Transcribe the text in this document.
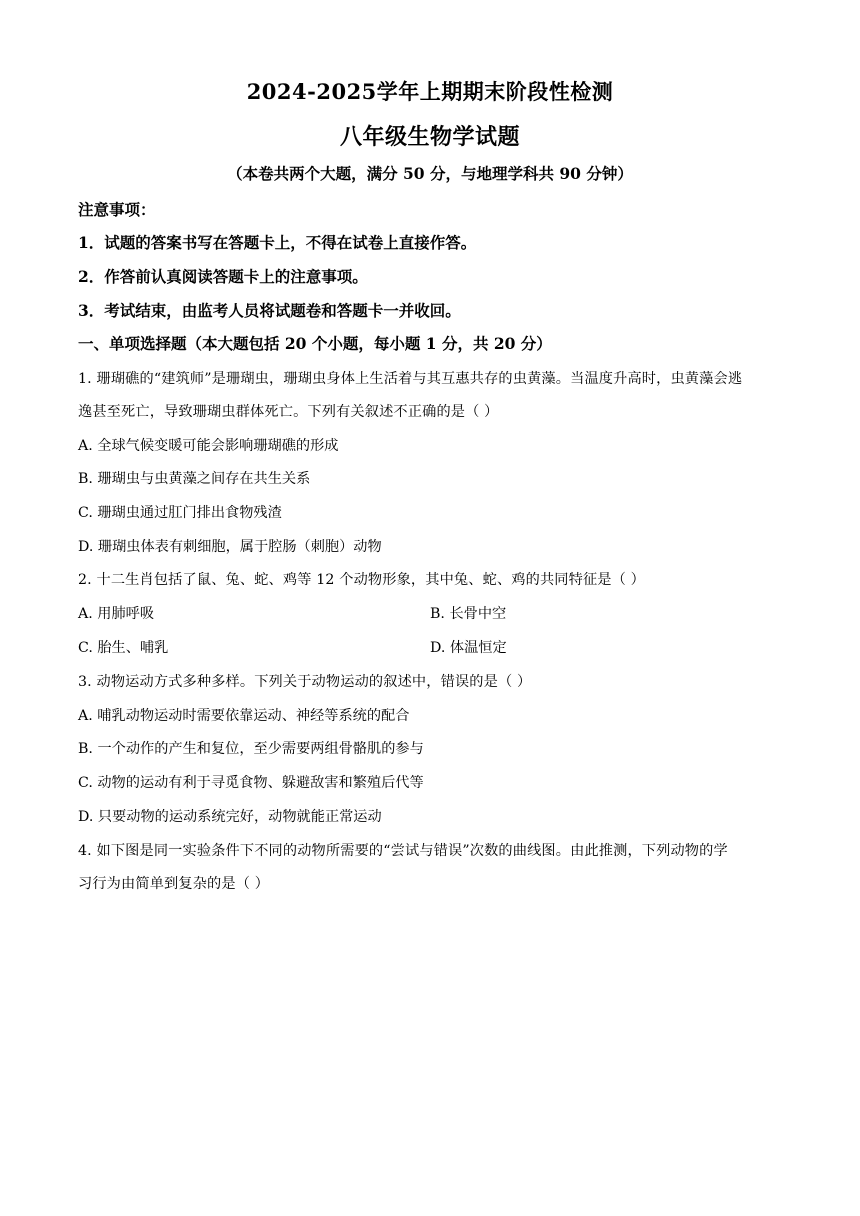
2024-2025学年上期期末阶段性检测
八年级生物学试题
（本卷共两个大题，满分 50 分，与地理学科共 90 分钟）
注意事项：
1．试题的答案书写在答题卡上，不得在试卷上直接作答。
2．作答前认真阅读答题卡上的注意事项。
3．考试结束，由监考人员将试题卷和答题卡一并收回。
一、单项选择题（本大题包括 20 个小题，每小题 1 分，共 20 分）
1. 珊瑚礁的“建筑师”是珊瑚虫，珊瑚虫身体上生活着与其互惠共存的虫黄藻。当温度升高时，虫黄藻会逃
逸甚至死亡，导致珊瑚虫群体死亡。下列有关叙述不正确的是（ ）
A. 全球气候变暖可能会影响珊瑚礁的形成
B. 珊瑚虫与虫黄藻之间存在共生关系
C. 珊瑚虫通过肛门排出食物残渣
D. 珊瑚虫体表有刺细胞，属于腔肠（刺胞）动物
2. 十二生肖包括了鼠、兔、蛇、鸡等 12 个动物形象，其中兔、蛇、鸡的共同特征是（ ）
A. 用肺呼吸	B. 长骨中空
C. 胎生、哺乳	D. 体温恒定
3. 动物运动方式多种多样。下列关于动物运动的叙述中，错误的是（ ）
A. 哺乳动物运动时需要依靠运动、神经等系统的配合
B. 一个动作的产生和复位，至少需要两组骨骼肌的参与
C. 动物的运动有利于寻觅食物、躲避敌害和繁殖后代等
D. 只要动物的运动系统完好，动物就能正常运动
4. 如下图是同一实验条件下不同的动物所需要的“尝试与错误”次数的曲线图。由此推测，下列动物的学
习行为由简单到复杂的是（ ）
